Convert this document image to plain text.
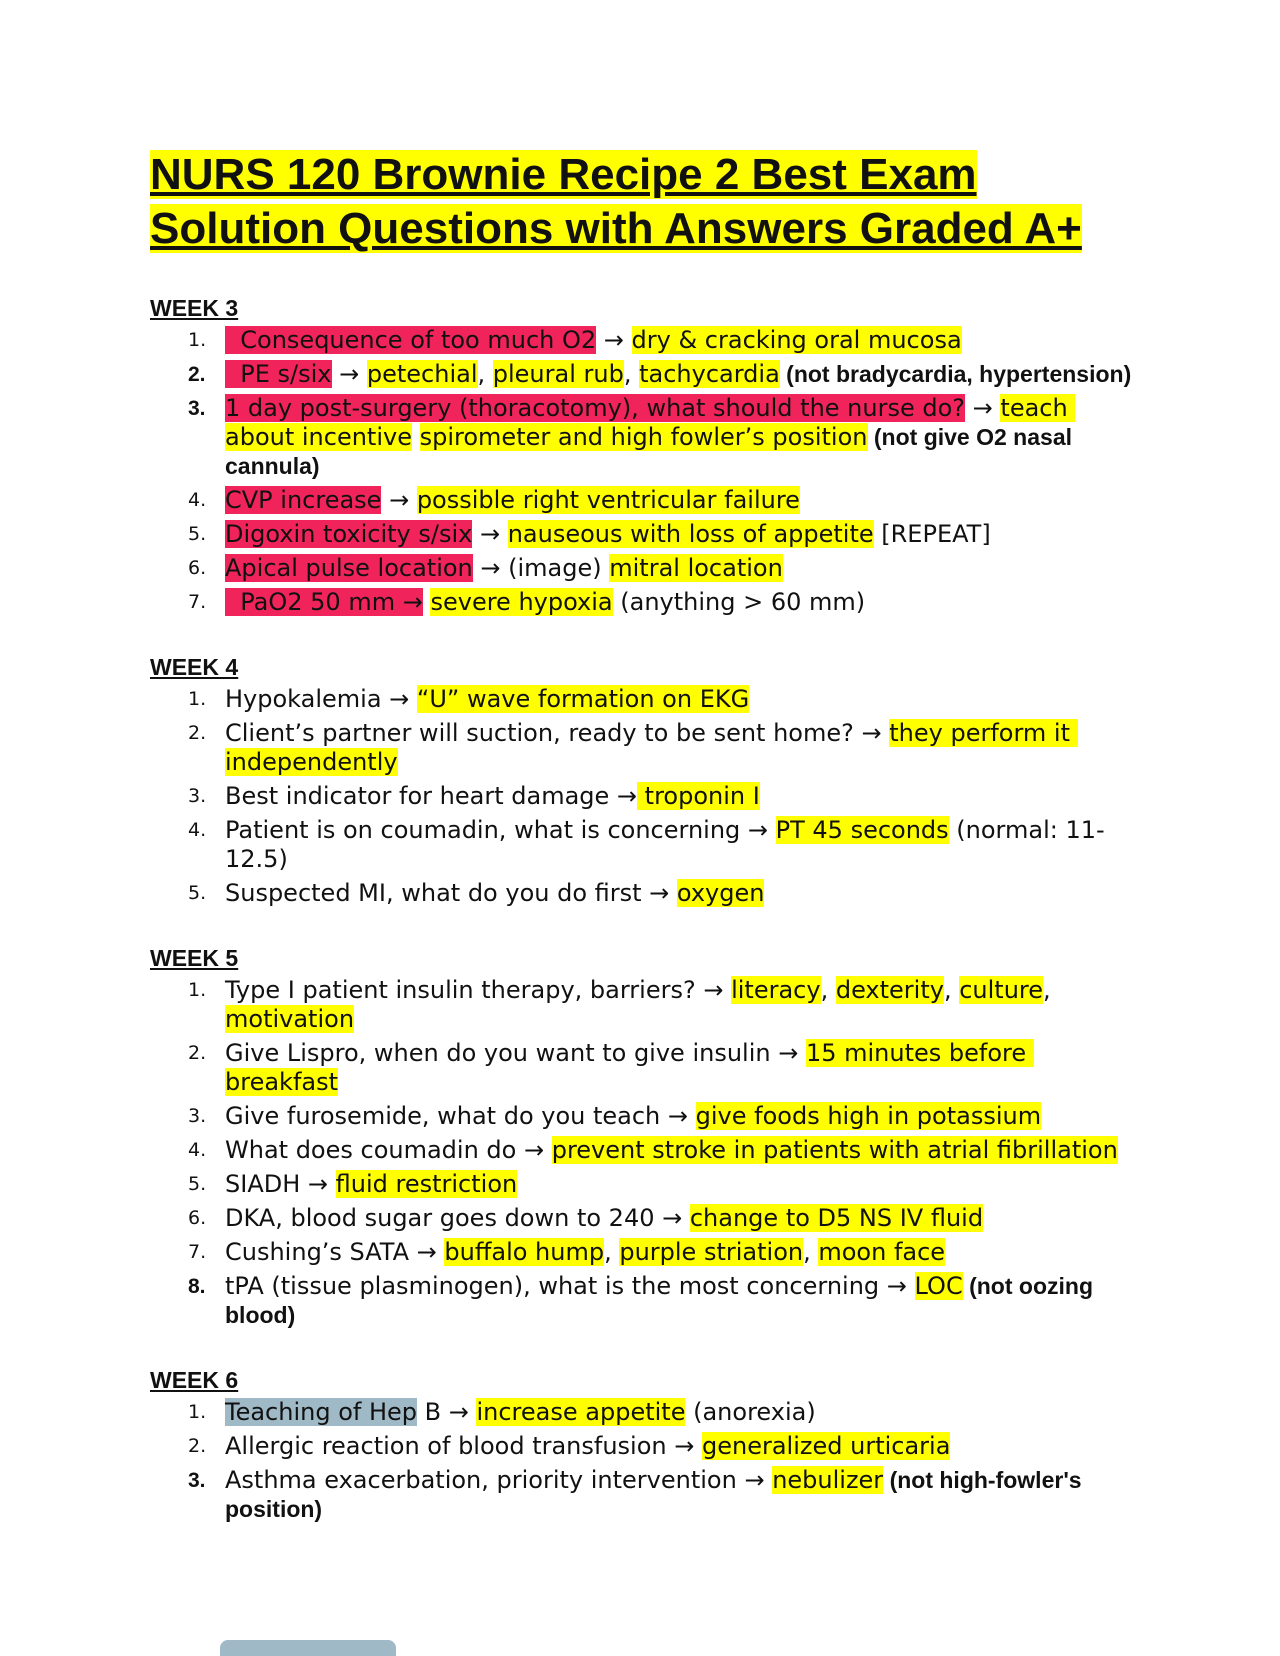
NURS 120 Brownie Recipe 2 Best Exam
Solution Questions with Answers Graded A+
WEEK 3
1. Consequence of too much O2 → dry & cracking oral mucosa
2. PE s/six → petechial, pleural rub, tachycardia (not bradycardia, hypertension)
3. 1 day post-surgery (thoracotomy), what should the nurse do? → teach about incentive spirometer and high fowler’s position (not give O2 nasal cannula)
4. CVP increase → possible right ventricular failure
5. Digoxin toxicity s/six → nauseous with loss of appetite [REPEAT]
6. Apical pulse location → (image) mitral location
7. PaO2 50 mm → severe hypoxia (anything > 60 mm)
WEEK 4
1. Hypokalemia → “U” wave formation on EKG
2. Client’s partner will suction, ready to be sent home? → they perform it independently
3. Best indicator for heart damage → troponin I
4. Patient is on coumadin, what is concerning → PT 45 seconds (normal: 11-12.5)
5. Suspected MI, what do you do first → oxygen
WEEK 5
1. Type I patient insulin therapy, barriers? → literacy, dexterity, culture, motivation
2. Give Lispro, when do you want to give insulin → 15 minutes before breakfast
3. Give furosemide, what do you teach → give foods high in potassium
4. What does coumadin do → prevent stroke in patients with atrial fibrillation
5. SIADH → fluid restriction
6. DKA, blood sugar goes down to 240 → change to D5 NS IV fluid
7. Cushing’s SATA → buffalo hump, purple striation, moon face
8. tPA (tissue plasminogen), what is the most concerning → LOC (not oozing blood)
WEEK 6
1. Teaching of Hep B → increase appetite (anorexia)
2. Allergic reaction of blood transfusion → generalized urticaria
3. Asthma exacerbation, priority intervention → nebulizer (not high-fowler's position)
